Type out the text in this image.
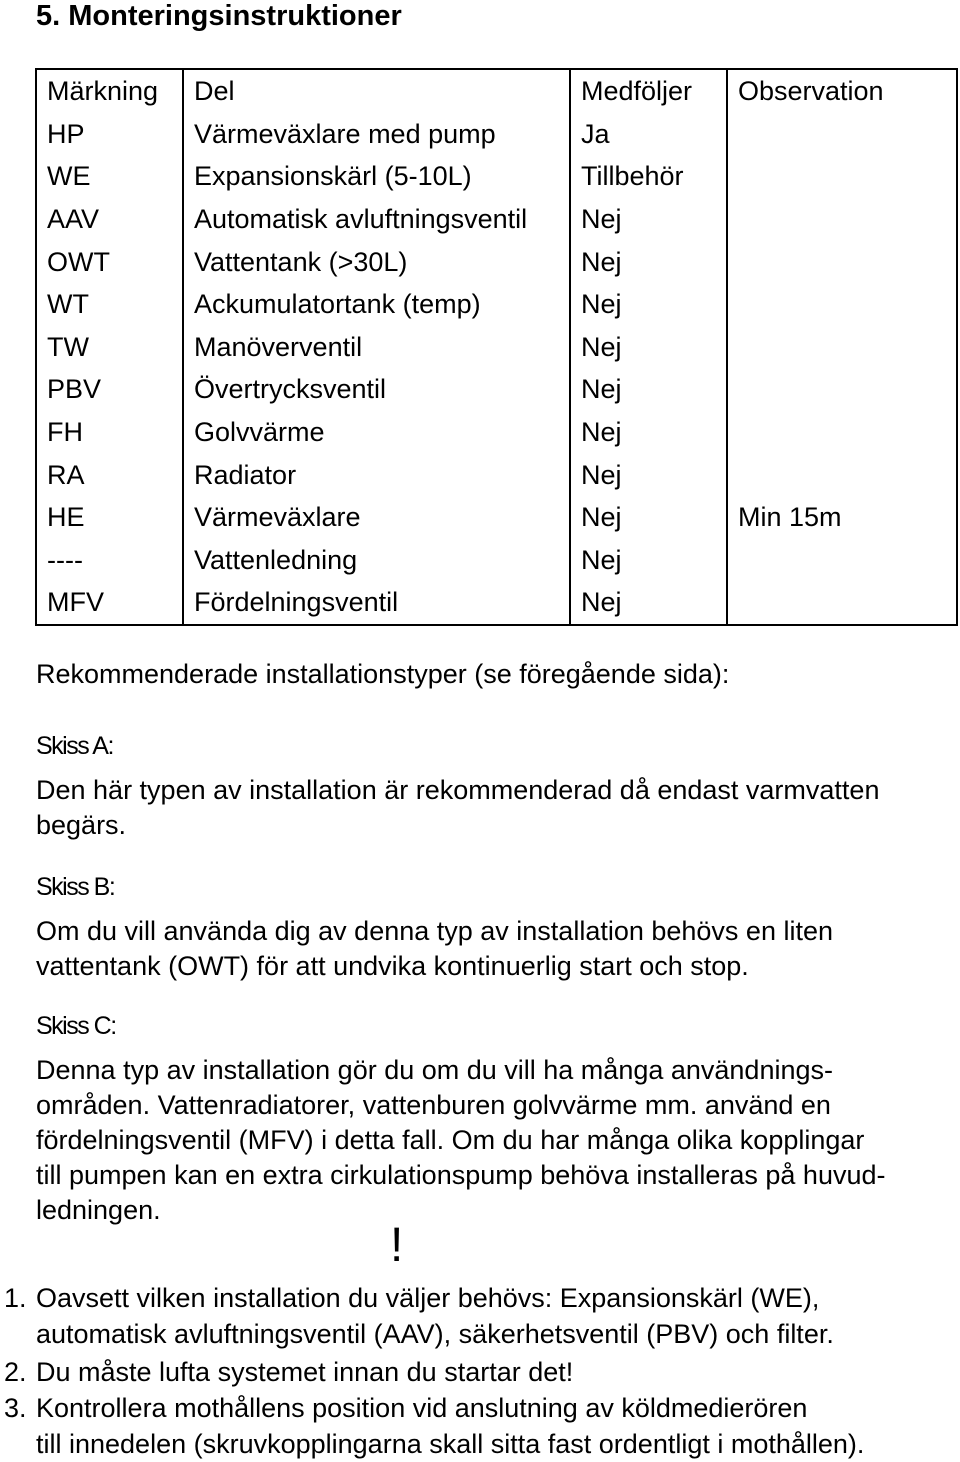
5. Monteringsinstruktioner
Märkning	Del	Medföljer	Observation
HP	Värmeväxlare med pump	Ja	
WE	Expansionskärl (5-10L)	Tillbehör	
AAV	Automatisk avluftningsventil	Nej	
OWT	Vattentank (>30L)	Nej	
WT	Ackumulatortank (temp)	Nej	
TW	Manöverventil	Nej	
PBV	Övertrycksventil	Nej	
FH	Golvvärme	Nej	
RA	Radiator	Nej	
HE	Värmeväxlare	Nej	Min 15m
----	Vattenledning	Nej	
MFV	Fördelningsventil	Nej	
Rekommenderade installationstyper (se föregående sida):
Skiss A:
Den här typen av installation är rekommenderad då endast varmvatten
begärs.
Skiss B:
Om du vill använda dig av denna typ av installation behövs en liten
vattentank (OWT) för att undvika kontinuerlig start och stop.
Skiss C:
Denna typ av installation gör du om du vill ha många användnings-
områden. Vattenradiatorer, vattenburen golvvärme mm. använd en
fördelningsventil (MFV) i detta fall. Om du har många olika kopplingar
till pumpen kan en extra cirkulationspump behöva installeras på huvud-
ledningen.
!
1. Oavsett vilken installation du väljer behövs: Expansionskärl (WE),
automatisk avluftningsventil (AAV), säkerhetsventil (PBV) och filter.
2. Du måste lufta systemet innan du startar det!
3. Kontrollera mothållens position vid anslutning av köldmedierören
till innedelen (skruvkopplingarna skall sitta fast ordentligt i mothållen).
